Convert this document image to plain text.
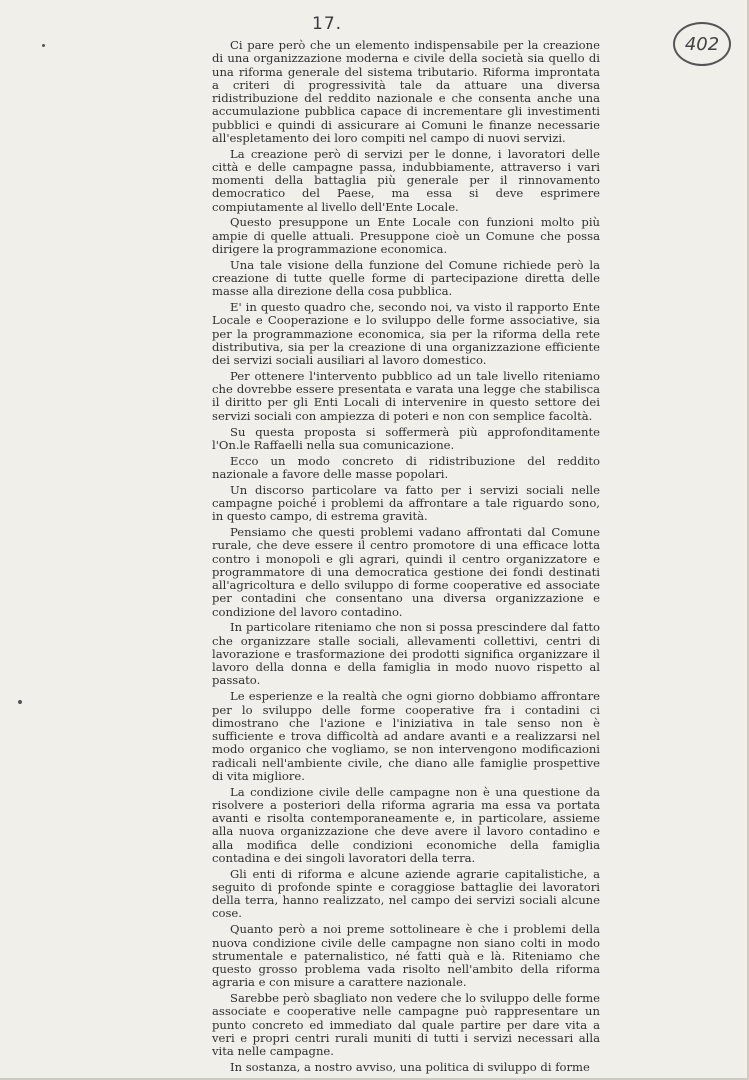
17.
402

Ci pare però che un elemento indispensabile per la creazione di una organizzazione moderna e civile della società sia quello di una riforma generale del sistema tributario. Riforma improntata a criteri di progressività tale da attuare una diversa ridistribuzione del reddito nazionale e che consenta anche una accumulazione pubblica capace di incrementare gli investimenti pubblici e quindi di assicurare ai Comuni le finanze necessarie all'espletamento dei loro compiti nel campo di nuovi servizi.

La creazione però di servizi per le donne, i lavoratori delle città e delle campagne passa, indubbiamente, attraverso i vari momenti della battaglia più generale per il rinnovamento democratico del Paese, ma essa si deve esprimere compiutamente al livello dell'Ente Locale.

Questo presuppone un Ente Locale con funzioni molto più ampie di quelle attuali. Presuppone cioè un Comune che possa dirigere la programmazione economica.

Una tale visione della funzione del Comune richiede però la creazione di tutte quelle forme di partecipazione diretta delle masse alla direzione della cosa pubblica.

E' in questo quadro che, secondo noi, va visto il rapporto Ente Locale e Cooperazione e lo sviluppo delle forme associative, sia per la programmazione economica, sia per la riforma della rete distributiva, sia per la creazione di una organizzazione efficiente dei servizi sociali ausiliari al lavoro domestico.

Per ottenere l'intervento pubblico ad un tale livello riteniamo che dovrebbe essere presentata e varata una legge che stabilisca il diritto per gli Enti Locali di intervenire in questo settore dei servizi sociali con ampiezza di poteri e non con semplice facoltà.

Su questa proposta si soffermerà più approfonditamente l'On.le Raffaelli nella sua comunicazione.

Ecco un modo concreto di ridistribuzione del reddito nazionale a favore delle masse popolari.

Un discorso particolare va fatto per i servizi sociali nelle campagne poiché i problemi da affrontare a tale riguardo sono, in questo campo, di estrema gravità.

Pensiamo che questi problemi vadano affrontati dal Comune rurale, che deve essere il centro promotore di una efficace lotta contro i monopoli e gli agrari, quindi il centro organizzatore e programmatore di una democratica gestione dei fondi destinati all'agricoltura e dello sviluppo di forme cooperative ed associate per contadini che consentano una diversa organizzazione e condizione del lavoro contadino.

In particolare riteniamo che non si possa prescindere dal fatto che organizzare stalle sociali, allevamenti collettivi, centri di lavorazione e trasformazione dei prodotti significa organizzare il lavoro della donna e della famiglia in modo nuovo rispetto al passato.

Le esperienze e la realtà che ogni giorno dobbiamo affrontare per lo sviluppo delle forme cooperative fra i contadini ci dimostrano che l'azione e l'iniziativa in tale senso non è sufficiente e trova difficoltà ad andare avanti e a realizzarsi nel modo organico che vogliamo, se non intervengono modificazioni radicali nell'ambiente civile, che diano alle famiglie prospettive di vita migliore.

La condizione civile delle campagne non è una questione da risolvere a posteriori della riforma agraria ma essa va portata avanti e risolta contemporaneamente e, in particolare, assieme alla nuova organizzazione che deve avere il lavoro contadino e alla modifica delle condizioni economiche della famiglia contadina e dei singoli lavoratori della terra.

Gli enti di riforma e alcune aziende agrarie capitalistiche, a seguito di profonde spinte e coraggiose battaglie dei lavoratori della terra, hanno realizzato, nel campo dei servizi sociali alcune cose.

Quanto però a noi preme sottolineare è che i problemi della nuova condizione civile delle campagne non siano colti in modo strumentale e paternalistico, né fatti quà e là. Riteniamo che questo grosso problema vada risolto nell'ambito della riforma agraria e con misure a carattere nazionale.

Sarebbe però sbagliato non vedere che lo sviluppo delle forme associate e cooperative nelle campagne può rappresentare un punto concreto ed immediato dal quale partire per dare vita a veri e propri centri rurali muniti di tutti i servizi necessari alla vita nelle campagne.

In sostanza, a nostro avviso, una politica di sviluppo di forme
